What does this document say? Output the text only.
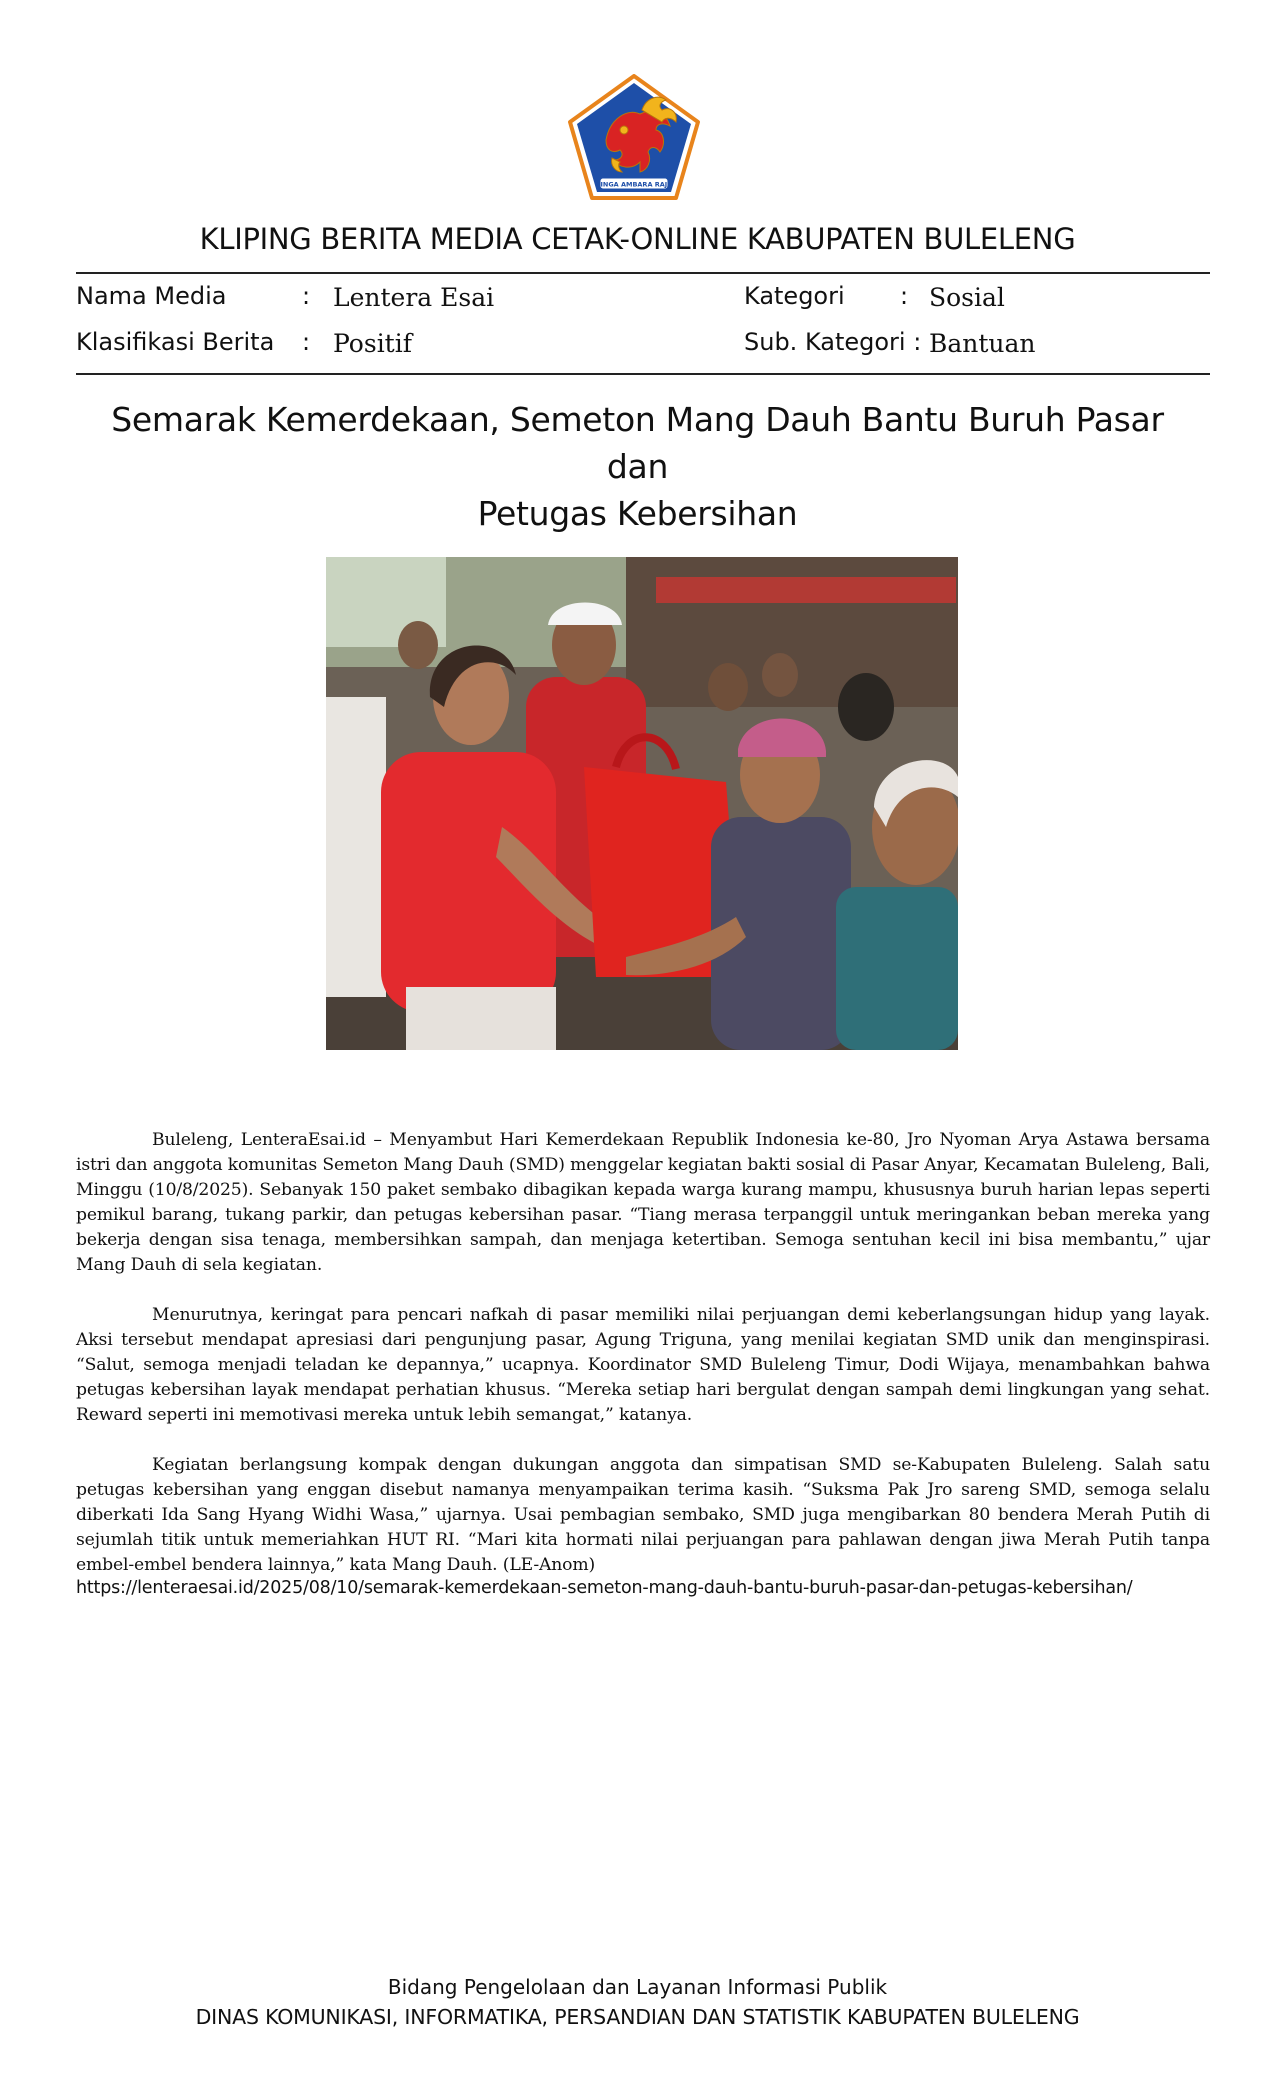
SINGA AMBARA RAJA
KLIPING BERITA MEDIA CETAK-ONLINE KABUPATEN BULELENG
Nama Media	: Lentera Esai
Klasifikasi Berita : Positif
Kategori : Sosial
Sub. Kategori : Bantuan
Semarak Kemerdekaan, Semeton Mang Dauh Bantu Buruh Pasar dan
Petugas Kebersihan

Buleleng, LenteraEsai.id – Menyambut Hari Kemerdekaan Republik Indonesia ke-80, Jro Nyoman Arya Astawa bersama istri dan anggota komunitas Semeton Mang Dauh (SMD) menggelar kegiatan bakti sosial di Pasar Anyar, Kecamatan Buleleng, Bali, Minggu (10/8/2025). Sebanyak 150 paket sembako dibagikan kepada warga kurang mampu, khususnya buruh harian lepas seperti pemikul barang, tukang parkir, dan petugas kebersihan pasar. “Tiang merasa terpanggil untuk meringankan beban mereka yang bekerja dengan sisa tenaga, membersihkan sampah, dan menjaga ketertiban. Semoga sentuhan kecil ini bisa membantu,” ujar Mang Dauh di sela kegiatan.

Menurutnya, keringat para pencari nafkah di pasar memiliki nilai perjuangan demi keberlangsungan hidup yang layak. Aksi tersebut mendapat apresiasi dari pengunjung pasar, Agung Triguna, yang menilai kegiatan SMD unik dan menginspirasi. “Salut, semoga menjadi teladan ke depannya,” ucapnya. Koordinator SMD Buleleng Timur, Dodi Wijaya, menambahkan bahwa petugas kebersihan layak mendapat perhatian khusus. “Mereka setiap hari bergulat dengan sampah demi lingkungan yang sehat. Reward seperti ini memotivasi mereka untuk lebih semangat,” katanya.

Kegiatan berlangsung kompak dengan dukungan anggota dan simpatisan SMD se-Kabupaten Buleleng. Salah satu petugas kebersihan yang enggan disebut namanya menyampaikan terima kasih. “Suksma Pak Jro sareng SMD, semoga selalu diberkati Ida Sang Hyang Widhi Wasa,” ujarnya. Usai pembagian sembako, SMD juga mengibarkan 80 bendera Merah Putih di sejumlah titik untuk memeriahkan HUT RI. “Mari kita hormati nilai perjuangan para pahlawan dengan jiwa Merah Putih tanpa embel-embel bendera lainnya,” kata Mang Dauh. (LE-Anom)

https://lenteraesai.id/2025/08/10/semarak-kemerdekaan-semeton-mang-dauh-bantu-buruh-pasar-dan-petugas-kebersihan/
Bidang Pengelolaan dan Layanan Informasi Publik
DINAS KOMUNIKASI, INFORMATIKA, PERSANDIAN DAN STATISTIK KABUPATEN BULELENG
